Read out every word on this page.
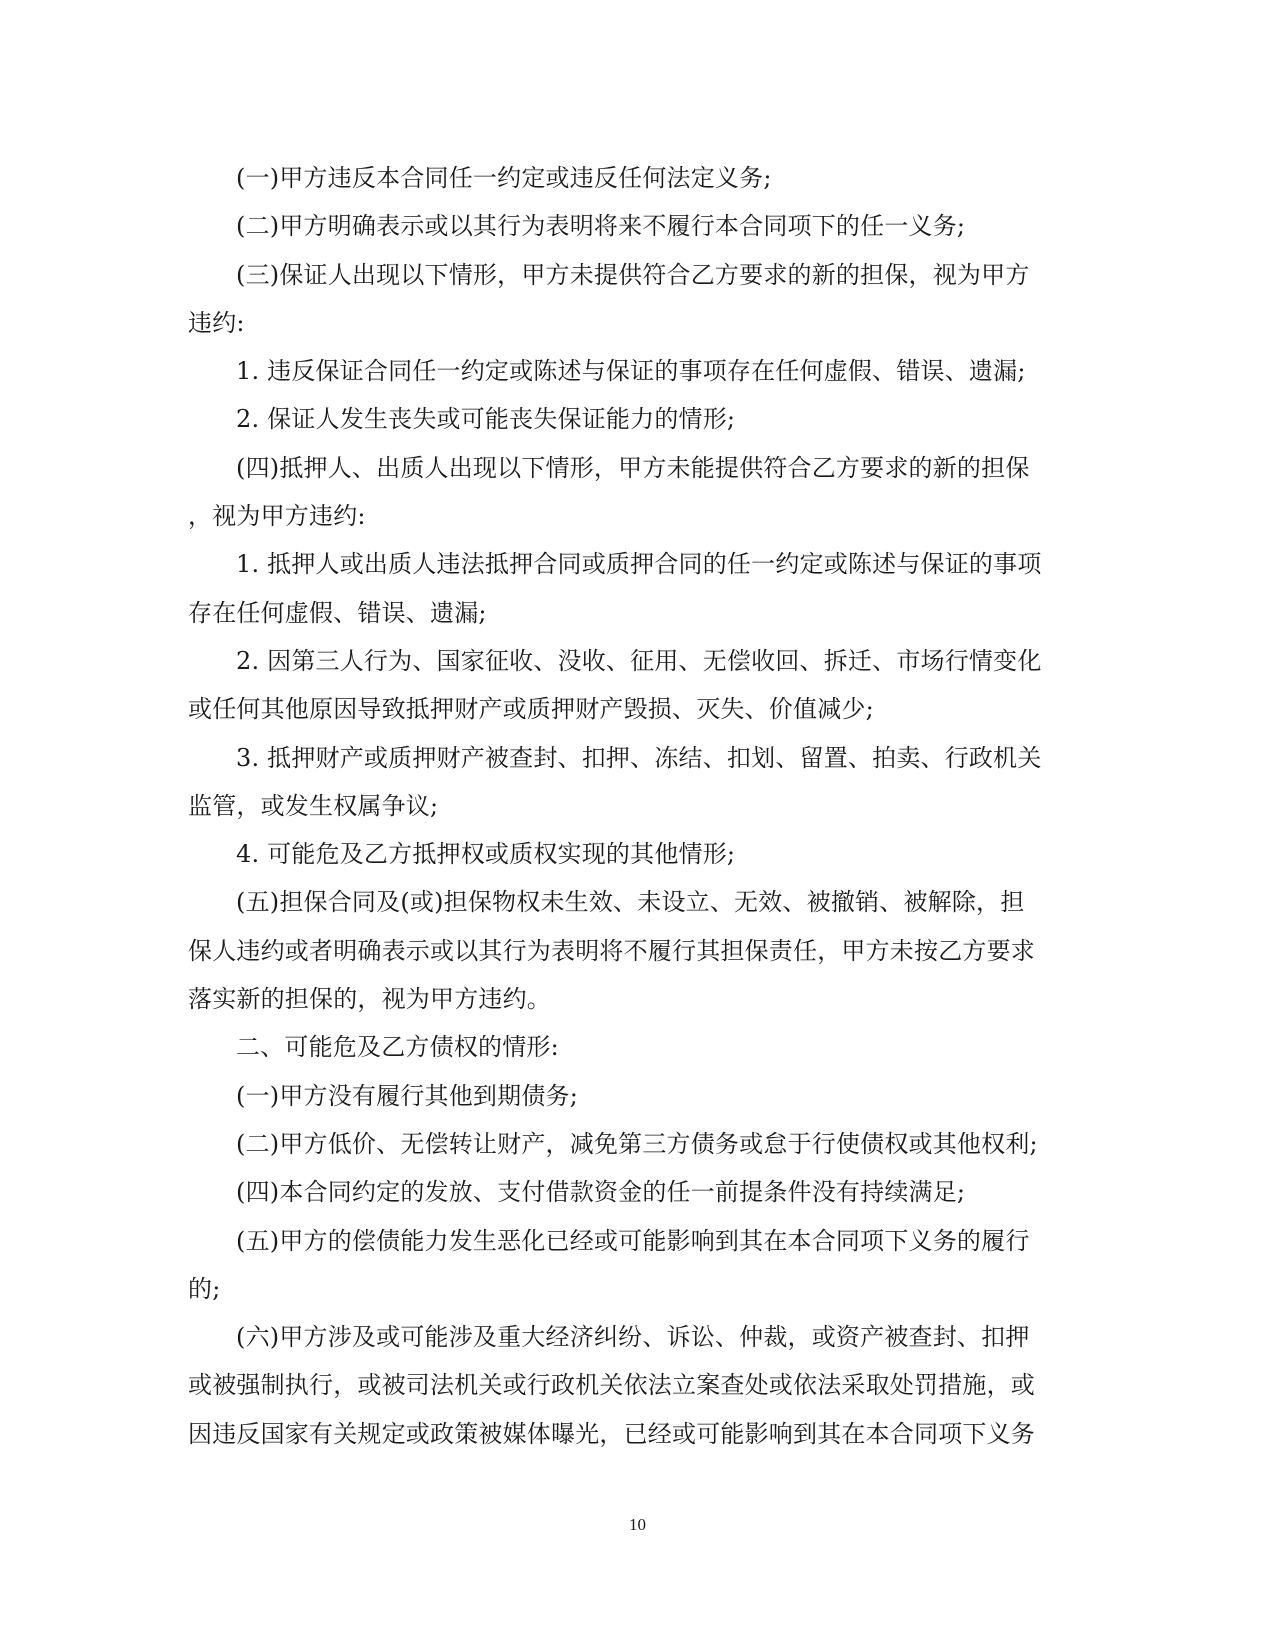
(一)甲方违反本合同任一约定或违反任何法定义务;
(二)甲方明确表示或以其行为表明将来不履行本合同项下的任一义务;
(三)保证人出现以下情形，甲方未提供符合乙方要求的新的担保，视为甲方
违约:
1. 违反保证合同任一约定或陈述与保证的事项存在任何虚假、错误、遗漏;
2. 保证人发生丧失或可能丧失保证能力的情形;
(四)抵押人、出质人出现以下情形，甲方未能提供符合乙方要求的新的担保
，视为甲方违约:
1. 抵押人或出质人违法抵押合同或质押合同的任一约定或陈述与保证的事项
存在任何虚假、错误、遗漏;
2. 因第三人行为、国家征收、没收、征用、无偿收回、拆迁、市场行情变化
或任何其他原因导致抵押财产或质押财产毁损、灭失、价值减少;
3. 抵押财产或质押财产被查封、扣押、冻结、扣划、留置、拍卖、行政机关
监管，或发生权属争议;
4. 可能危及乙方抵押权或质权实现的其他情形;
(五)担保合同及(或)担保物权未生效、未设立、无效、被撤销、被解除，担
保人违约或者明确表示或以其行为表明将不履行其担保责任，甲方未按乙方要求
落实新的担保的，视为甲方违约。
二、可能危及乙方债权的情形:
(一)甲方没有履行其他到期债务;
(二)甲方低价、无偿转让财产，减免第三方债务或怠于行使债权或其他权利;
(四)本合同约定的发放、支付借款资金的任一前提条件没有持续满足;
(五)甲方的偿债能力发生恶化已经或可能影响到其在本合同项下义务的履行
的;
(六)甲方涉及或可能涉及重大经济纠纷、诉讼、仲裁，或资产被查封、扣押
或被强制执行，或被司法机关或行政机关依法立案查处或依法采取处罚措施，或
因违反国家有关规定或政策被媒体曝光，已经或可能影响到其在本合同项下义务
10
